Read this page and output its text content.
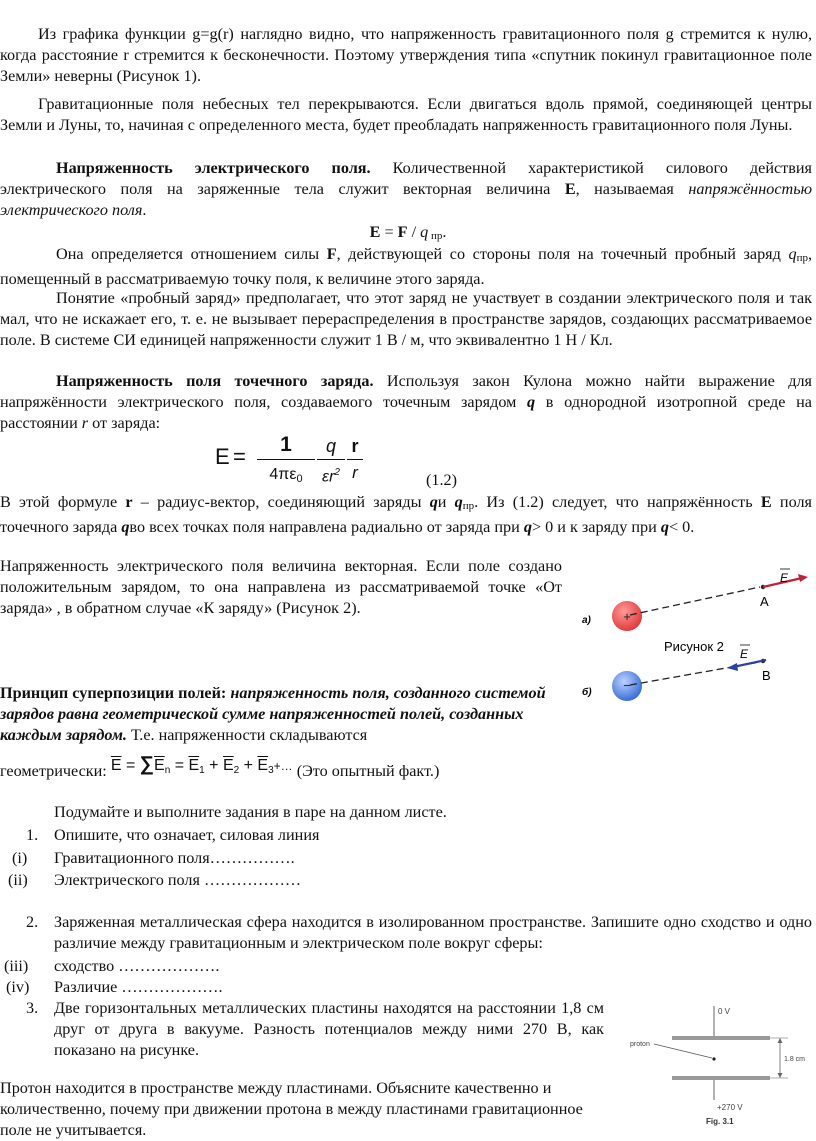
Из графика функции g=g(r) наглядно видно, что напряженность гравитационного поля g стремится к нулю, когда расстояние r стремится к бесконечности. Поэтому утверждения типа «спутник покинул гравитационное поле Земли» неверны (Рисунок 1).
Гравитационные поля небесных тел перекрываются. Если двигаться вдоль прямой, соединяющей центры Земли и Луны, то, начиная с определенного места, будет преобладать напряженность гравитационного поля Луны.
Напряженность электрического поля. Количественной характеристикой силового действия электрического поля на заряженные тела служит векторная величина E, называемая напряжённостью электрического поля.
E = F / q пр.
Она определяется отношением силы F, действующей со стороны поля на точечный пробный заряд qпр, помещенный в рассматриваемую точку поля, к величине этого заряда.
Понятие «пробный заряд» предполагает, что этот заряд не участвует в создании электрического поля и так мал, что не искажает его, т. е. не вызывает перераспределения в пространстве зарядов, создающих рассматриваемое поле. В системе СИ единицей напряженности служит 1 В / м, что эквивалентно 1 Н / Кл.
Напряженность поля точечного заряда. Используя закон Кулона можно найти выражение для напряжённости электрического поля, создаваемого точечным зарядом q в однородной изотропной среде на расстоянии r от заряда:
E =	1
4πε0
q
$\varepsilon r^2$
r
r	(1.2)
В этой формуле r – радиус-вектор, соединяющий заряды qи qпр. Из (1.2) следует, что напряжённость E поля точечного заряда qво всех точках поля направлена радиально от заряда при q> 0 и к заряду при q< 0.
Напряженность электрического поля величина векторная. Если поле создано положительным зарядом, то она направлена из рассматриваемой точке «От заряда» , в обратном случае «К заряду» (Рисунок 2).
а) +
E
A
Рисунок 2
б) −
E
B
Принцип суперпозиции полей: напряженность поля, созданного системой зарядов равна геометрической сумме напряженностей полей, созданных каждым зарядом. Т.е. напряженности складываются
геометрически: $\overline{E} = \sum\overline{E}n = \overline{E}1 + \overline{E}2$ + $\overline{E}3+\dots$ (Это опытный факт.)
Подумайте и выполните задания в паре на данном листе.
1. Опишите, что означает, силовая линия
(i) Гравитационного поля…………….
(ii) Электрического поля ………………
2. Заряженная металлическая сфера находится в изолированном пространстве. Запишите одно сходство и одно различие между гравитационным и электрическом поле вокруг сферы:
(iii) сходство ……………….
(iv) Различие ……………….
3. Две горизонтальных металлических пластины находятся на расстоянии 1,8 см друг от друга в вакууме. Разность потенциалов между ними 270 В, как показано на рисунке.
Протон находится в пространстве между пластинами. Объясните качественно и количественно, почему при движении протона в между пластинами гравитационное поле не учитывается.
0 V
+270 V
proton
1.8 cm
Fig. 3.1
